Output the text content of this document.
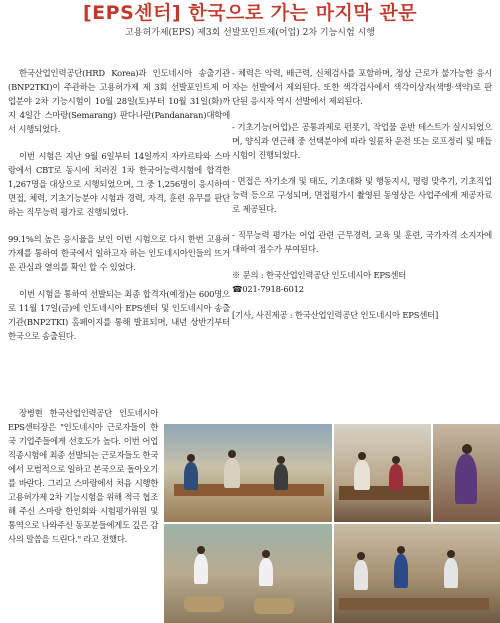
[EPS센터] 한국으로 가는 마지막 관문
고용허가제(EPS) 제3회 선발포인트제(어업) 2차 기능시험 시행

한국산업인력공단(HRD Korea)과 인도네시아 송출기관(BNP2TKI)이 주관하는 고용허가제 제 3회 선발포인트제 어업분야 2차 기능시험이 10월 28일(토)부터 10월 31일(화)까지 4일간 스마랑(Semarang) 판다나란(Pandanaran)대학에서 시행되었다.

이번 시험은 지난 9월 6일부터 14일까지 자카르타와 스마랑에서 CBT로 동시에 치러진 1차 한국어능력시험에 합격한 1,267명을 대상으로 시행되었으며, 그 중 1,256명이 응시하여 면접, 체력, 기초기능분야 시험과 경력, 자격, 훈련 유무를 판단하는 직무능력 평가로 진행되었다.

99.1%의 높은 응시율을 보인 이번 시험으로 다시 한번 고용허가제를 통하여 한국에서 일하고자 하는 인도네시아인들의 뜨거운 관심과 열의를 확인 할 수 있었다.

이번 시험을 통하여 선발되는 최종 합격자(예정)는 600명으로 11월 17일(금)에 인도네시아 EPS센터 및 인도네시아 송출기관(BNP2TKI) 홈페이지를 통해 발표되며, 내년 상반기부터 한국으로 송출된다.

장병현 한국산업인력공단 인도네시아 EPS센터장은 "인도네시아 근로자들이 한국 기업주들에게 선호도가 높다. 이번 어업직종시험에 최종 선발되는 근로자들도 한국에서 모범적으로 일하고 본국으로 돌아오기를 바란다. 그리고 스마랑에서 처음 시행한 고용허가제 2차 기능시험을 위해 적극 협조해 주신 스마랑 한인회와 시험평가위원 및 통역으로 나와주신 동포분들에게도 깊은 감사의 말씀을 드린다." 라고 전했다.

- 체력은 악력, 배근력, 신체검사를 포함하며, 정상 근로가 불가능한 응시자는 선발에서 제외된다. 또한 색각검사에서 색각이상자(색맹·색약)로 판단된 응시자 역시 선발에서 제외된다.

- 기초기능(어업)은 공통과제로 펀폿기, 작업물 운반 테스트가 실시되었으며, 양식과 연근해 중 선택분야에 따라 일륜차 운전 또는 로프정리 및 매듭 시험이 진행되었다.

- 면접은 자기소개 및 태도, 기초대화 및 행동지시, 명령 맞추기, 기초직업능력 등으로 구성되며, 면접평가시 촬영된 동영상은 사업주에게 제공자료로 제공된다.

- 직무능력 평가는 어업 관련 근무경력, 교육 및 훈련, 국가자격 소지자에 대하여 점수가 부여된다.

※ 문의 : 한국산업인력공단 인도네시아 EPS센터

☎021-7918-6012

[기사, 사진제공 : 한국산업인력공단 인도네시아 EPS센터]
